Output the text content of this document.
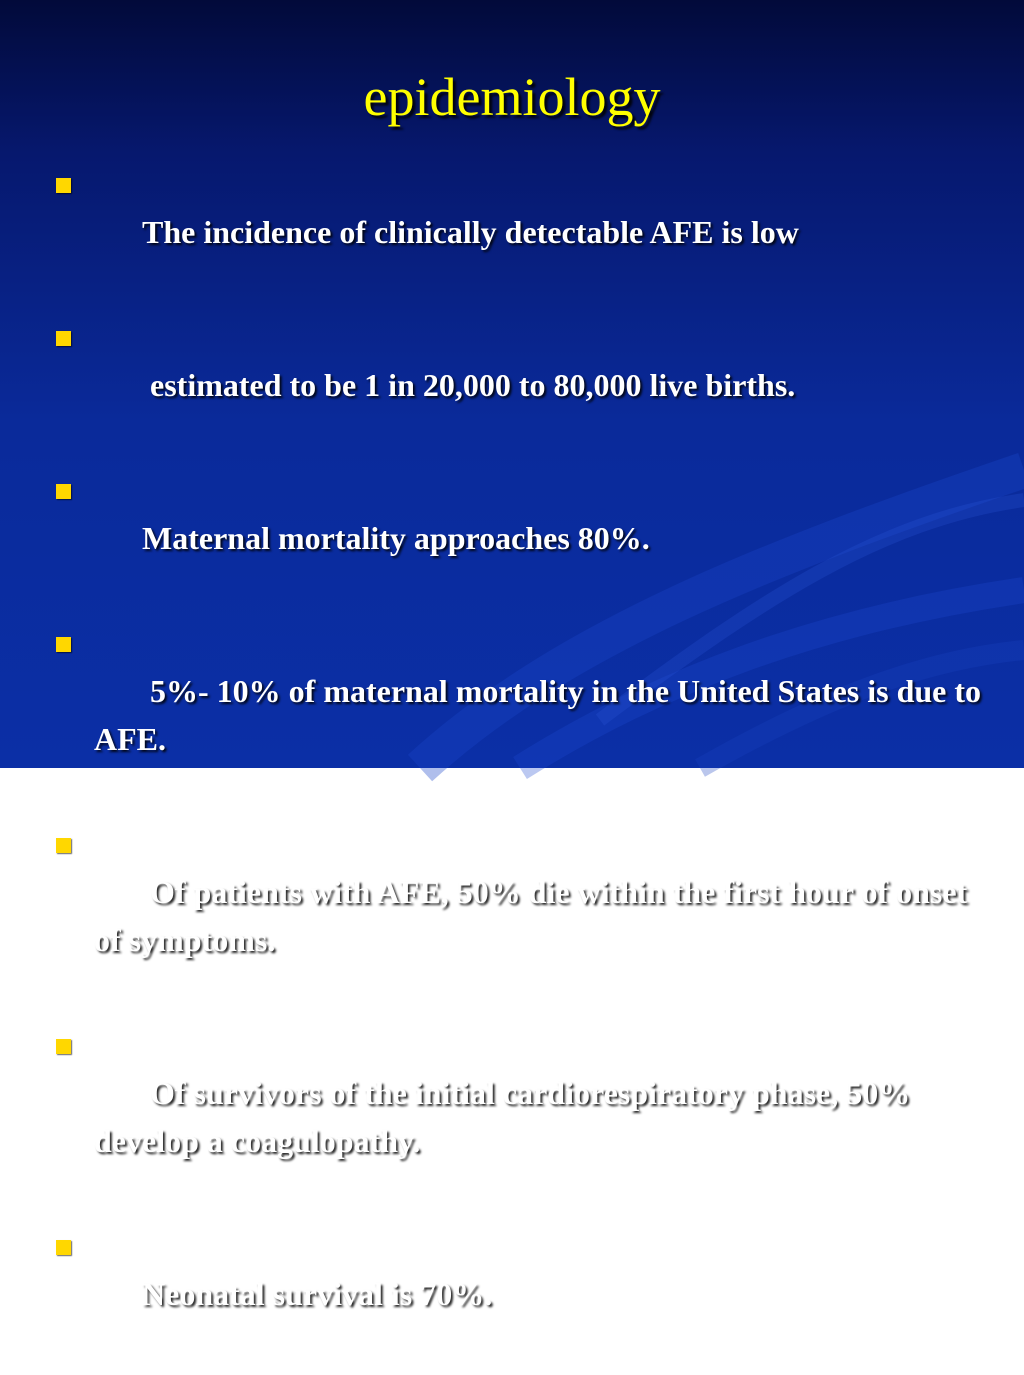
epidemiology

The incidence of clinically detectable AFE is low

estimated to be 1 in 20,000 to 80,000 live births.

Maternal mortality approaches 80%.

5%- 10% of maternal mortality in the United States is due to AFE.

Of patients with AFE, 50% die within the first hour of onset of symptoms.

Of survivors of the initial cardiorespiratory phase, 50% develop a coagulopathy.

Neonatal survival is 70%.
